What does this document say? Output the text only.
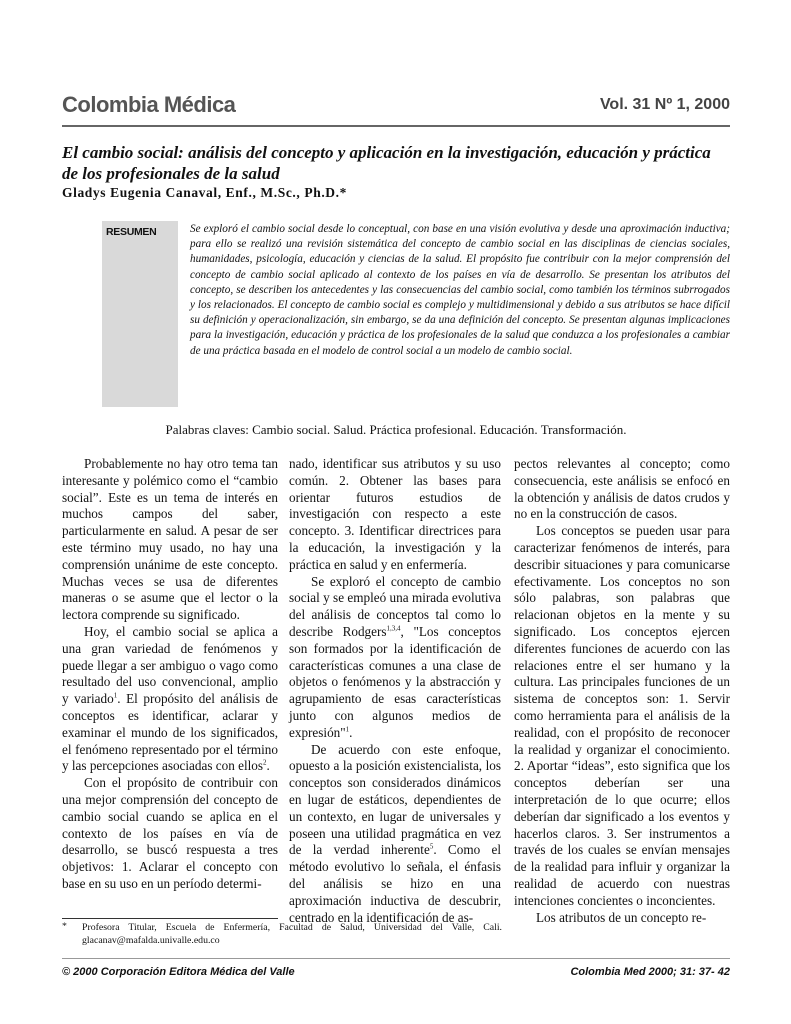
Colombia Médica	Vol. 31 Nº 1, 2000
El cambio social: análisis del concepto y aplicación en la investigación, educación y práctica de los profesionales de la salud
Gladys Eugenia Canaval, Enf., M.Sc., Ph.D.*
RESUMEN	Se exploró el cambio social desde lo conceptual, con base en una visión evolutiva y desde una aproximación inductiva; para ello se realizó una revisión sistemática del concepto de cambio social en las disciplinas de ciencias sociales, humanidades, psicología, educación y ciencias de la salud. El propósito fue contribuir con la mejor comprensión del concepto de cambio social aplicado al contexto de los países en vía de desarrollo. Se presentan los atributos del concepto, se describen los antecedentes y las consecuencias del cambio social, como también los términos subrrogados y los relacionados. El concepto de cambio social es complejo y multidimensional y debido a sus atributos se hace difícil su definición y operacionalización, sin embargo, se da una definición del concepto. Se presentan algunas implicaciones para la investigación, educación y práctica de los profesionales de la salud que conduzca a los profesionales a cambiar de una práctica basada en el modelo de control social a un modelo de cambio social.
Palabras claves: Cambio social. Salud. Práctica profesional. Educación. Transformación.

Probablemente no hay otro tema tan interesante y polémico como el “cambio social”. Este es un tema de interés en muchos campos del saber, particularmente en salud. A pesar de ser este término muy usado, no hay una comprensión unánime de este concepto. Muchas veces se usa de diferentes maneras o se asume que el lector o la lectora comprende su significado.

Hoy, el cambio social se aplica a una gran variedad de fenómenos y puede llegar a ser ambiguo o vago como resultado del uso convencional, amplio y variado$^1$. El propósito del análisis de conceptos es identificar, aclarar y examinar el mundo de los significados, el fenómeno representado por el término y las percepciones asociadas con ellos$^2$.

Con el propósito de contribuir con una mejor comprensión del concepto de cambio social cuando se aplica en el contexto de los países en vía de desarrollo, se buscó respuesta a tres objetivos: 1. Aclarar el concepto con base en su uso en un período determi-

nado, identificar sus atributos y su uso común. 2. Obtener las bases para orientar futuros estudios de investigación con respecto a este concepto. 3. Identificar directrices para la educación, la investigación y la práctica en salud y en enfermería.

Se exploró el concepto de cambio social y se empleó una mirada evolutiva del análisis de conceptos tal como lo describe Rodgers$^{1,3,4}$, "Los conceptos son formados por la identificación de características comunes a una clase de objetos o fenómenos y la abstracción y agrupamiento de esas características junto con algunos medios de expresión"$^1$.

De acuerdo con este enfoque, opuesto a la posición existencialista, los conceptos son considerados dinámicos en lugar de estáticos, dependientes de un contexto, en lugar de universales y poseen una utilidad pragmática en vez de la verdad inherente$^5$. Como el método evolutivo lo señala, el énfasis del análisis se hizo en una aproximación inductiva de descubrir, centrado en la identificación de as-

pectos relevantes al concepto; como consecuencia, este análisis se enfocó en la obtención y análisis de datos crudos y no en la construcción de casos.

Los conceptos se pueden usar para caracterizar fenómenos de interés, para describir situaciones y para comunicarse efectivamente. Los conceptos no son sólo palabras, son palabras que relacionan objetos en la mente y su significado. Los conceptos ejercen diferentes funciones de acuerdo con las relaciones entre el ser humano y la cultura. Las principales funciones de un sistema de conceptos son: 1. Servir como herramienta para el análisis de la realidad, con el propósito de reconocer la realidad y organizar el conocimiento. 2. Aportar “ideas”, esto significa que los conceptos deberían ser una interpretación de lo que ocurre; ellos deberían dar significado a los eventos y hacerlos claros. 3. Ser instrumentos a través de los cuales se envían mensajes de la realidad para influir y organizar la realidad de acuerdo con nuestras intenciones concientes o inconcientes.

Los atributos de un concepto re-

* Profesora Titular, Escuela de Enfermería, Facultad de Salud, Universidad del Valle, Cali. glacanav@mafalda.univalle.edu.co
© 2000 Corporación Editora Médica del Valle	Colombia Med 2000; 31: 37- 42
